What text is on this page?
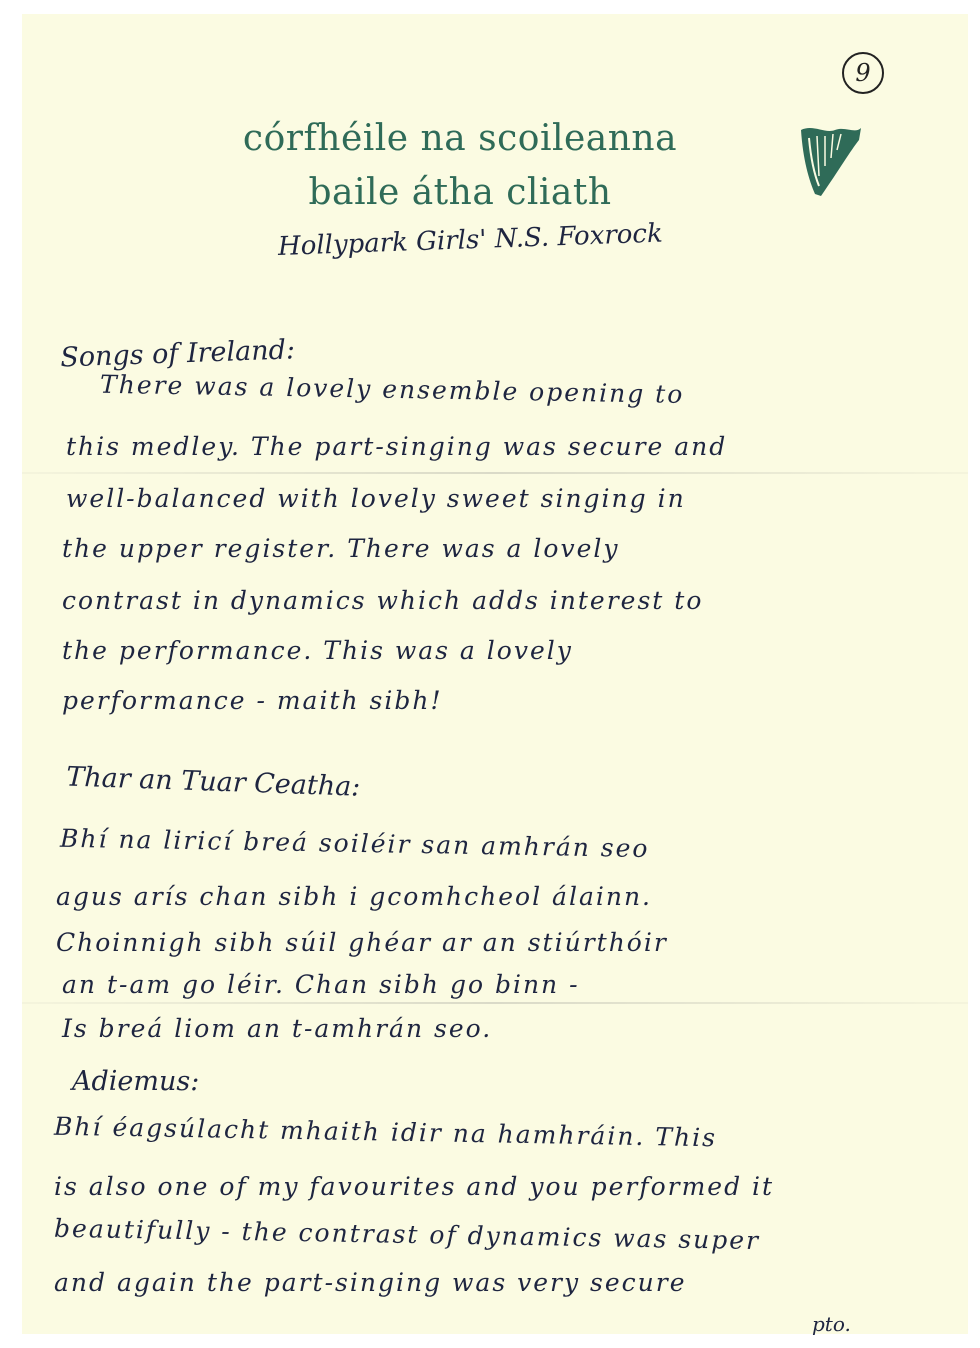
9
córfhéile na scoileanna
baile átha cliath
Hollypark Girls' N.S. Foxrock
Songs of Ireland:
There was a lovely ensemble opening to
this medley. The part-singing was secure and
well-balanced with lovely sweet singing in
the upper register. There was a lovely
contrast in dynamics which adds interest to
the performance. This was a lovely
performance - maith sibh!
Thar an Tuar Ceatha:
Bhí na liricí breá soiléir san amhrán seo
agus arís chan sibh i gcomhcheol álainn.
Choinnigh sibh súil ghéar ar an stiúrthóir
an t-am go léir. Chan sibh go binn -
Is breá liom an t-amhrán seo.
Adiemus:
Bhí éagsúlacht mhaith idir na hamhráin. This
is also one of my favourites and you performed it
beautifully - the contrast of dynamics was super
and again the part-singing was very secure
pto.
